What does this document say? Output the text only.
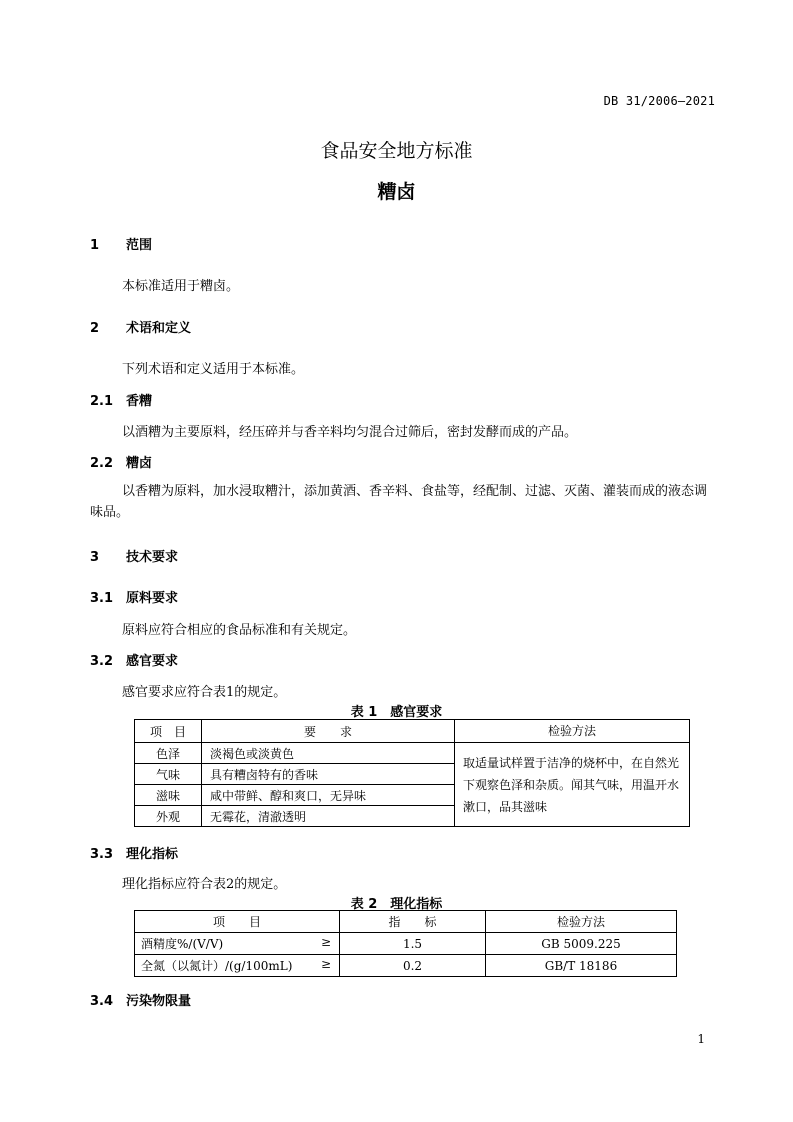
DB 31/2006—2021
食品安全地方标准
糟卤
1 范围
本标准适用于糟卤。
2 术语和定义
下列术语和定义适用于本标准。
2.1 香糟
以酒糟为主要原料，经压碎并与香辛料均匀混合过筛后，密封发酵而成的产品。
2.2 糟卤
以香糟为原料，加水浸取糟汁，添加黄酒、香辛料、食盐等，经配制、过滤、灭菌、灌装而成的液态调味品。
3 技术要求
3.1 原料要求
原料应符合相应的食品标准和有关规定。
3.2 感官要求
感官要求应符合表1的规定。
表 1　感官要求
项　目	要　　求	检验方法
色泽	淡褐色或淡黄色	取适量试样置于洁净的烧杯中，在自然光下观察色泽和杂质。闻其气味，用温开水漱口，品其滋味
气味	具有糟卤特有的香味	
滋味	咸中带鲜、醇和爽口，无异味	
外观	无霉花，清澈透明	
3.3 理化指标
理化指标应符合表2的规定。
表 2　理化指标
项　　目	指　　标	检验方法
酒精度%/(V/V) ≥	1.5	GB 5009.225
全氮（以氮计）/(g/100mL) ≥	0.2	GB/T 18186
3.4 污染物限量
1
